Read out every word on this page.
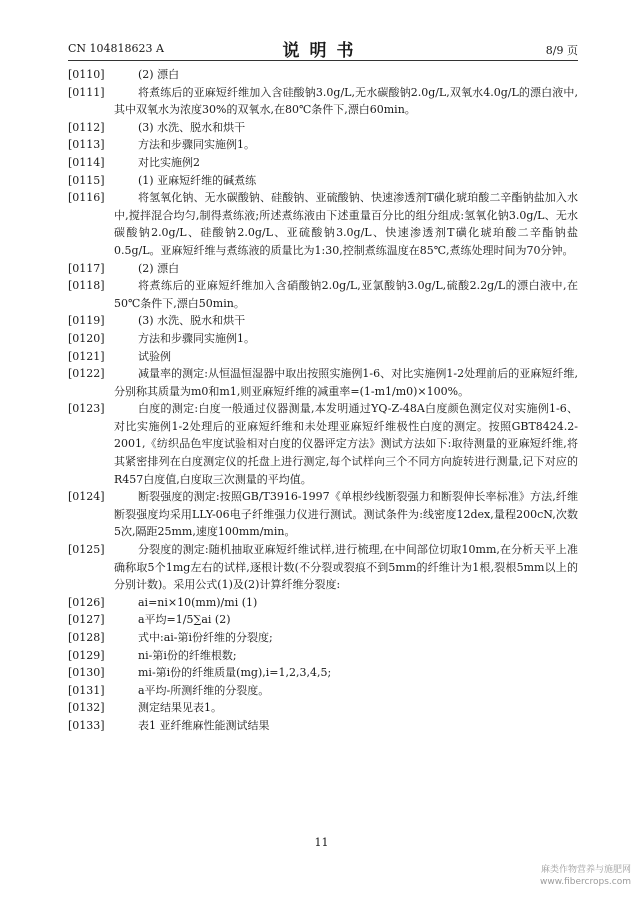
CN 104818623 A	说明书	8/9 页
[0110]	(2) 漂白
[0111]	将煮练后的亚麻短纤维加入含硅酸钠3.0g/L,无水碳酸钠2.0g/L,双氧水4.0g/L的漂白液中,其中双氧水为浓度30%的双氧水,在80℃条件下,漂白60min。
[0112]	(3) 水洗、脱水和烘干
[0113]	方法和步骤同实施例1。
[0114]	对比实施例2
[0115]	(1) 亚麻短纤维的碱煮练
[0116]	将氢氧化钠、无水碳酸钠、硅酸钠、亚硫酸钠、快速渗透剂T磺化琥珀酸二辛酯钠盐加入水中,搅拌混合均匀,制得煮练液;所述煮练液由下述重量百分比的组分组成:氢氧化钠3.0g/L、无水碳酸钠2.0g/L、硅酸钠2.0g/L、亚硫酸钠3.0g/L、快速渗透剂T磺化琥珀酸二辛酯钠盐0.5g/L。亚麻短纤维与煮练液的质量比为1:30,控制煮练温度在85℃,煮练处理时间为70分钟。
[0117]	(2) 漂白
[0118]	将煮练后的亚麻短纤维加入含硝酸钠2.0g/L,亚氯酸钠3.0g/L,硫酸2.2g/L的漂白液中,在50℃条件下,漂白50min。
[0119]	(3) 水洗、脱水和烘干
[0120]	方法和步骤同实施例1。
[0121]	试验例
[0122]	减量率的测定:从恒温恒湿器中取出按照实施例1-6、对比实施例1-2处理前后的亚麻短纤维,分别称其质量为m0和m1,则亚麻短纤维的减重率=(1-m1/m0)×100%。
[0123]	白度的测定:白度一般通过仪器测量,本发明通过YQ-Z-48A白度颜色测定仪对实施例1-6、对比实施例1-2处理后的亚麻短纤维和未处理亚麻短纤维极性白度的测定。按照GBT8424.2-2001,《纺织品色牢度试验相对白度的仪器评定方法》测试方法如下:取待测量的亚麻短纤维,将其紧密排列在白度测定仪的托盘上进行测定,每个试样向三个不同方向旋转进行测量,记下对应的R457白度值,白度取三次测量的平均值。
[0124]	断裂强度的测定:按照GB/T3916-1997《单根纱线断裂强力和断裂伸长率标准》方法,纤维断裂强度均采用LLY-06电子纤维强力仪进行测试。测试条件为:线密度12dex,量程200cN,次数5次,隔距25mm,速度100mm/min。
[0125]	分裂度的测定:随机抽取亚麻短纤维试样,进行梳理,在中间部位切取10mm,在分析天平上准确称取5个1mg左右的试样,逐根计数(不分裂或裂痕不到5mm的纤维计为1根,裂根5mm以上的分别计数)。采用公式(1)及(2)计算纤维分裂度:
[0126]	ai=ni×10(mm)/mi (1)
[0127]	a平均=1/5∑ai (2)
[0128]	式中:ai-第i份纤维的分裂度;
[0129]	ni-第i份的纤维根数;
[0130]	mi-第i份的纤维质量(mg),i=1,2,3,4,5;
[0131]	a平均-所测纤维的分裂度。
[0132]	测定结果见表1。
[0133]	表1 亚纤维麻性能测试结果
11
麻类作物营养与施肥网
www.fibercrops.com
